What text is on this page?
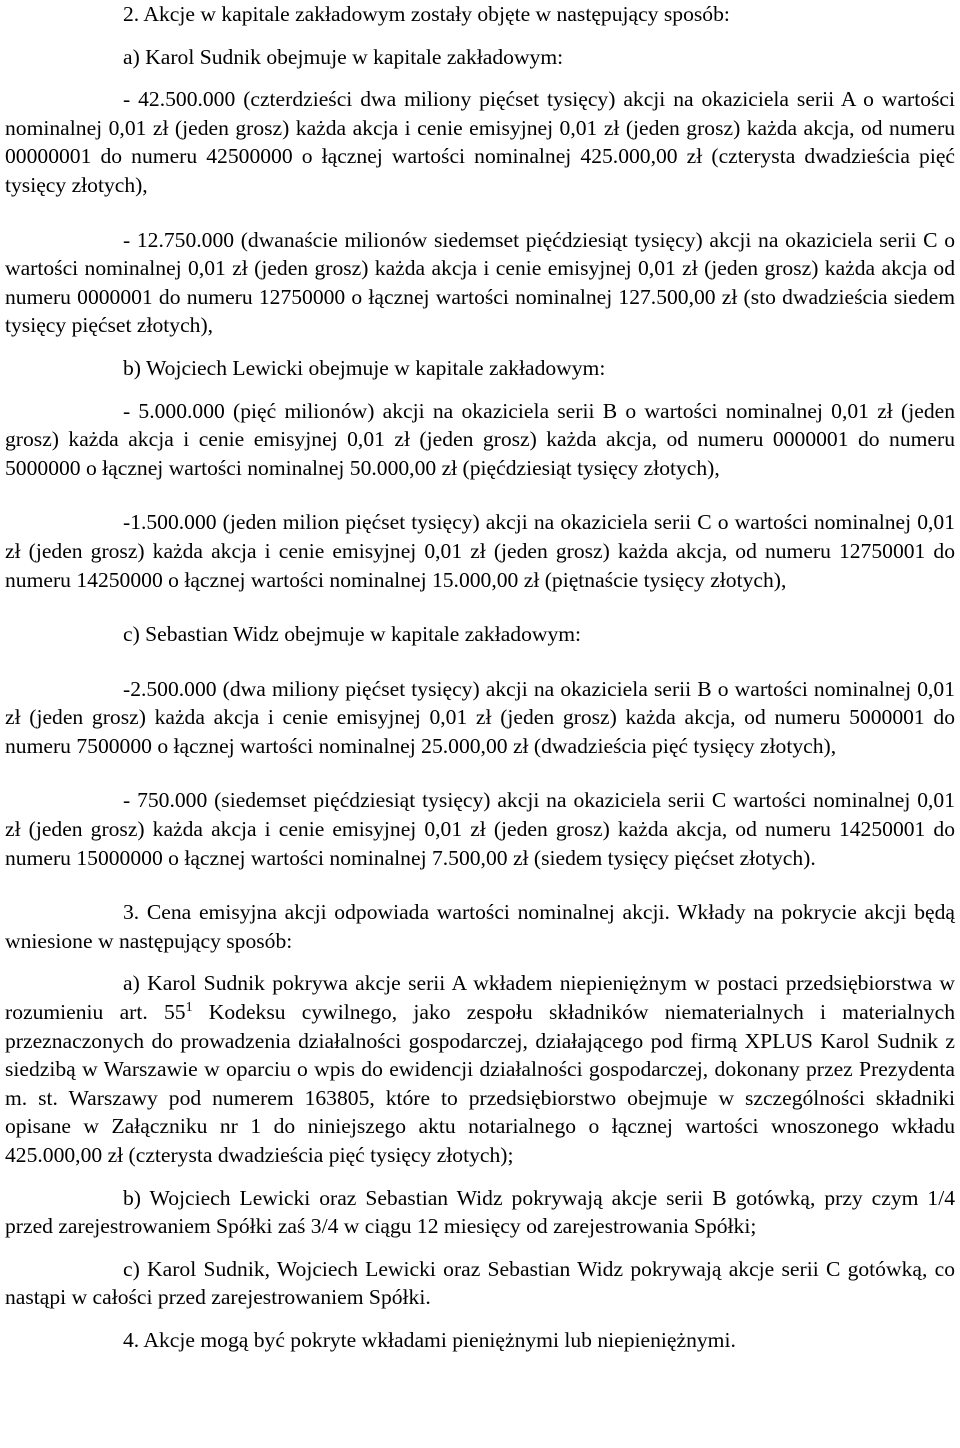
2. Akcje w kapitale zakładowym zostały objęte w następujący sposób:

a) Karol Sudnik obejmuje w kapitale zakładowym:

- 42.500.000 (czterdzieści dwa miliony pięćset tysięcy) akcji na okaziciela serii A o wartości nominalnej 0,01 zł (jeden grosz) każda akcja i cenie emisyjnej 0,01 zł (jeden grosz) każda akcja, od numeru 00000001 do numeru 42500000 o łącznej wartości nominalnej 425.000,00 zł (czterysta dwadzieścia pięć tysięcy złotych),

- 12.750.000 (dwanaście milionów siedemset pięćdziesiąt tysięcy) akcji na okaziciela serii C o wartości nominalnej 0,01 zł (jeden grosz) każda akcja i cenie emisyjnej 0,01 zł (jeden grosz) każda akcja od numeru 0000001 do numeru 12750000 o łącznej wartości nominalnej 127.500,00 zł (sto dwadzieścia siedem tysięcy pięćset złotych),

b) Wojciech Lewicki obejmuje w kapitale zakładowym:

- 5.000.000 (pięć milionów) akcji na okaziciela serii B o wartości nominalnej 0,01 zł (jeden grosz) każda akcja i cenie emisyjnej 0,01 zł (jeden grosz) każda akcja, od numeru 0000001 do numeru 5000000 o łącznej wartości nominalnej 50.000,00 zł (pięćdziesiąt tysięcy złotych),

-1.500.000 (jeden milion pięćset tysięcy) akcji na okaziciela serii C o wartości nominalnej 0,01 zł (jeden grosz) każda akcja i cenie emisyjnej 0,01 zł (jeden grosz) każda akcja, od numeru 12750001 do numeru 14250000 o łącznej wartości nominalnej 15.000,00 zł (piętnaście tysięcy złotych),

c) Sebastian Widz obejmuje w kapitale zakładowym:

-2.500.000 (dwa miliony pięćset tysięcy) akcji na okaziciela serii B o wartości nominalnej 0,01 zł (jeden grosz) każda akcja i cenie emisyjnej 0,01 zł (jeden grosz) każda akcja, od numeru 5000001 do numeru 7500000 o łącznej wartości nominalnej 25.000,00 zł (dwadzieścia pięć tysięcy złotych),

- 750.000 (siedemset pięćdziesiąt tysięcy) akcji na okaziciela serii C wartości nominalnej 0,01 zł (jeden grosz) każda akcja i cenie emisyjnej 0,01 zł (jeden grosz) każda akcja, od numeru 14250001 do numeru 15000000 o łącznej wartości nominalnej 7.500,00 zł (siedem tysięcy pięćset złotych).

3. Cena emisyjna akcji odpowiada wartości nominalnej akcji. Wkłady na pokrycie akcji będą wniesione w następujący sposób:

a) Karol Sudnik pokrywa akcje serii A wkładem niepieniężnym w postaci przedsiębiorstwa w rozumieniu art. $55^1$ Kodeksu cywilnego, jako zespołu składników niematerialnych i materialnych przeznaczonych do prowadzenia działalności gospodarczej, działającego pod firmą XPLUS Karol Sudnik z siedzibą w Warszawie w oparciu o wpis do ewidencji działalności gospodarczej, dokonany przez Prezydenta m. st. Warszawy pod numerem 163805, które to przedsiębiorstwo obejmuje w szczególności składniki opisane w Załączniku nr 1 do niniejszego aktu notarialnego o łącznej wartości wnoszonego wkładu 425.000,00 zł (czterysta dwadzieścia pięć tysięcy złotych);

b) Wojciech Lewicki oraz Sebastian Widz pokrywają akcje serii B gotówką, przy czym 1/4 przed zarejestrowaniem Spółki zaś 3/4 w ciągu 12 miesięcy od zarejestrowania Spółki;

c) Karol Sudnik, Wojciech Lewicki oraz Sebastian Widz pokrywają akcje serii C gotówką, co nastąpi w całości przed zarejestrowaniem Spółki.

4. Akcje mogą być pokryte wkładami pieniężnymi lub niepieniężnymi.
